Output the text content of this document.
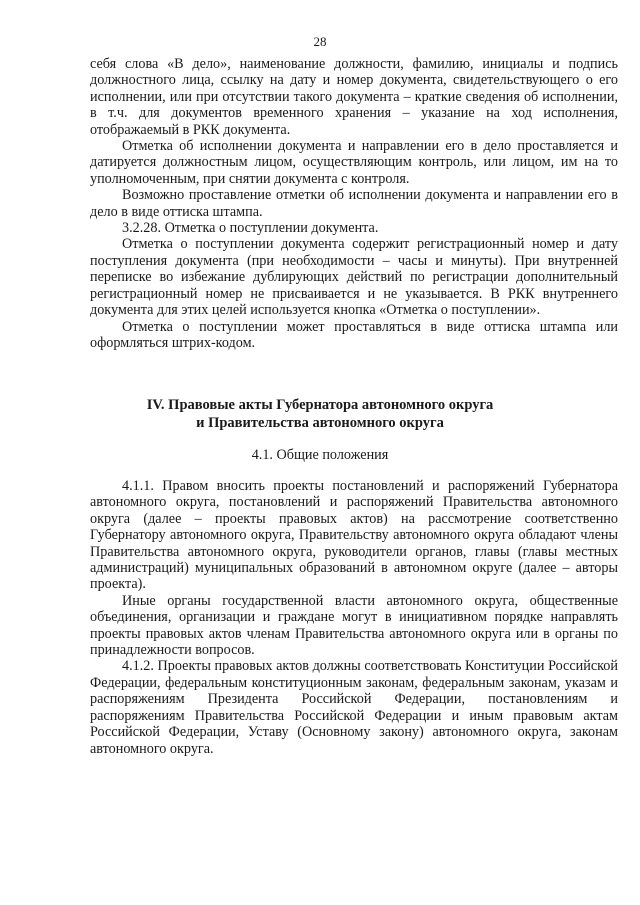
28

себя слова «В дело», наименование должности, фамилию, инициалы и подпись должностного лица, ссылку на дату и номер документа, свидетельствующего о его исполнении, или при отсутствии такого документа – краткие сведения об исполнении, в т.ч. для документов временного хранения – указание на ход исполнения, отображаемый в РКК документа.

Отметка об исполнении документа и направлении его в дело проставляется и датируется должностным лицом, осуществляющим контроль, или лицом, им на то уполномоченным, при снятии документа с контроля.

Возможно проставление отметки об исполнении документа и направлении его в дело в виде оттиска штампа.

3.2.28. Отметка о поступлении документа.

Отметка о поступлении документа содержит регистрационный номер и дату поступления документа (при необходимости – часы и минуты). При внутренней переписке во избежание дублирующих действий по регистрации дополнительный регистрационный номер не присваивается и не указывается. В РКК внутреннего документа для этих целей используется кнопка «Отметка о поступлении».

Отметка о поступлении может проставляться в виде оттиска штампа или оформляться штрих-кодом.

IV. Правовые акты Губернатора автономного округа
и Правительства автономного округа
4.1. Общие положения

4.1.1. Правом вносить проекты постановлений и распоряжений Губернатора автономного округа, постановлений и распоряжений Правительства автономного округа (далее – проекты правовых актов) на рассмотрение соответственно Губернатору автономного округа, Правительству автономного округа обладают члены Правительства автономного округа, руководители органов, главы (главы местных администраций) муниципальных образований в автономном округе (далее – авторы проекта).

Иные органы государственной власти автономного округа, общественные объединения, организации и граждане могут в инициативном порядке направлять проекты правовых актов членам Правительства автономного округа или в органы по принадлежности вопросов.

4.1.2. Проекты правовых актов должны соответствовать Конституции Российской Федерации, федеральным конституционным законам, федеральным законам, указам и распоряжениям Президента Российской Федерации, постановлениям и распоряжениям Правительства Российской Федерации и иным правовым актам Российской Федерации, Уставу (Основному закону) автономного округа, законам автономного округа.
